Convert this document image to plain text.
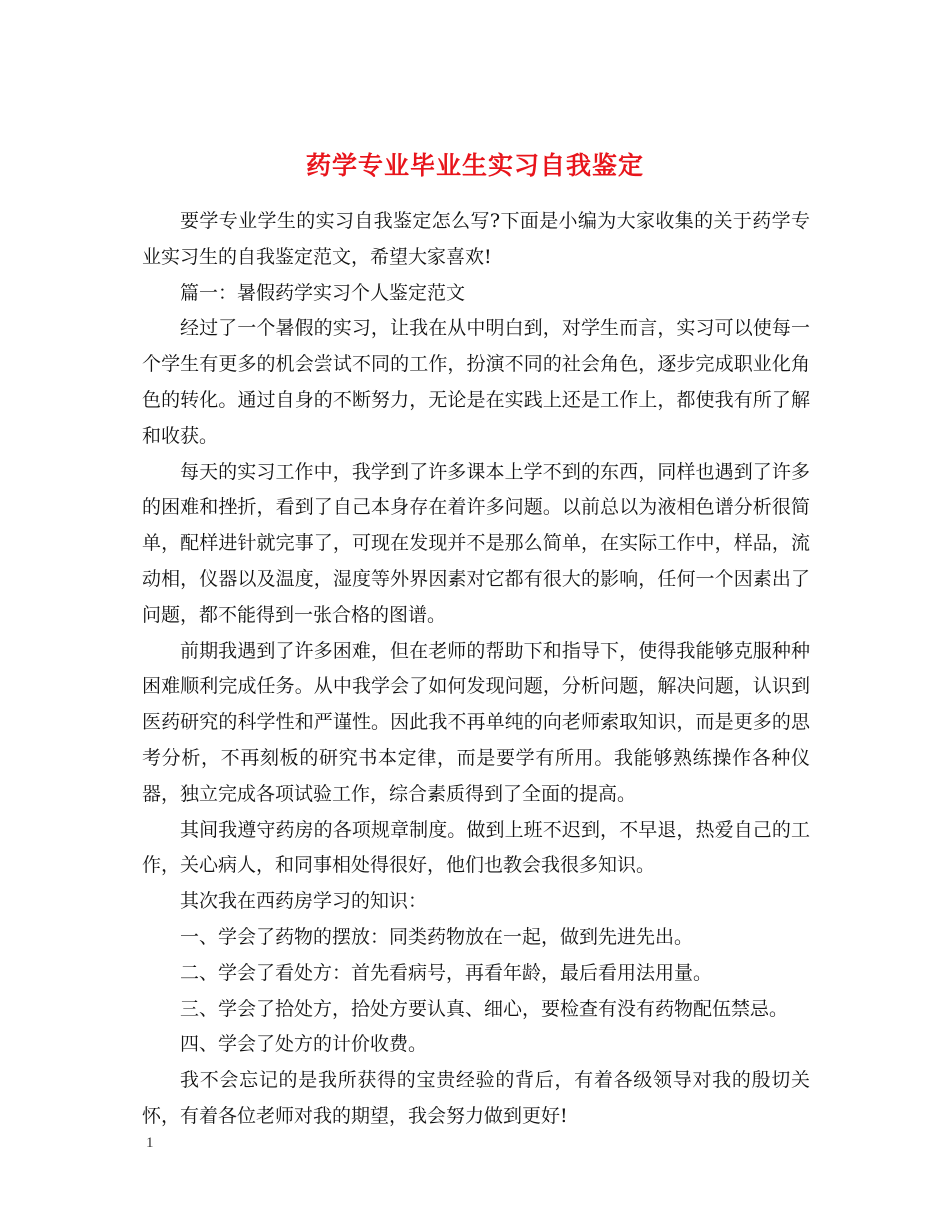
药学专业毕业生实习自我鉴定

要学专业学生的实习自我鉴定怎么写?下面是小编为大家收集的关于药学专业实习生的自我鉴定范文，希望大家喜欢!

篇一：暑假药学实习个人鉴定范文

经过了一个暑假的实习，让我在从中明白到，对学生而言，实习可以使每一个学生有更多的机会尝试不同的工作，扮演不同的社会角色，逐步完成职业化角色的转化。通过自身的不断努力，无论是在实践上还是工作上，都使我有所了解和收获。

每天的实习工作中，我学到了许多课本上学不到的东西，同样也遇到了许多的困难和挫折，看到了自己本身存在着许多问题。以前总以为液相色谱分析很简单，配样进针就完事了，可现在发现并不是那么简单，在实际工作中，样品，流动相，仪器以及温度，湿度等外界因素对它都有很大的影响，任何一个因素出了问题，都不能得到一张合格的图谱。

前期我遇到了许多困难，但在老师的帮助下和指导下，使得我能够克服种种困难顺利完成任务。从中我学会了如何发现问题，分析问题，解决问题，认识到医药研究的科学性和严谨性。因此我不再单纯的向老师索取知识，而是更多的思考分析，不再刻板的研究书本定律，而是要学有所用。我能够熟练操作各种仪器，独立完成各项试验工作，综合素质得到了全面的提高。

其间我遵守药房的各项规章制度。做到上班不迟到，不早退，热爱自己的工作，关心病人，和同事相处得很好，他们也教会我很多知识。

其次我在西药房学习的知识：

一、学会了药物的摆放：同类药物放在一起，做到先进先出。

二、学会了看处方：首先看病号，再看年龄，最后看用法用量。

三、学会了拾处方，拾处方要认真、细心，要检查有没有药物配伍禁忌。

四、学会了处方的计价收费。

我不会忘记的是我所获得的宝贵经验的背后，有着各级领导对我的殷切关怀，有着各位老师对我的期望，我会努力做到更好!

1
